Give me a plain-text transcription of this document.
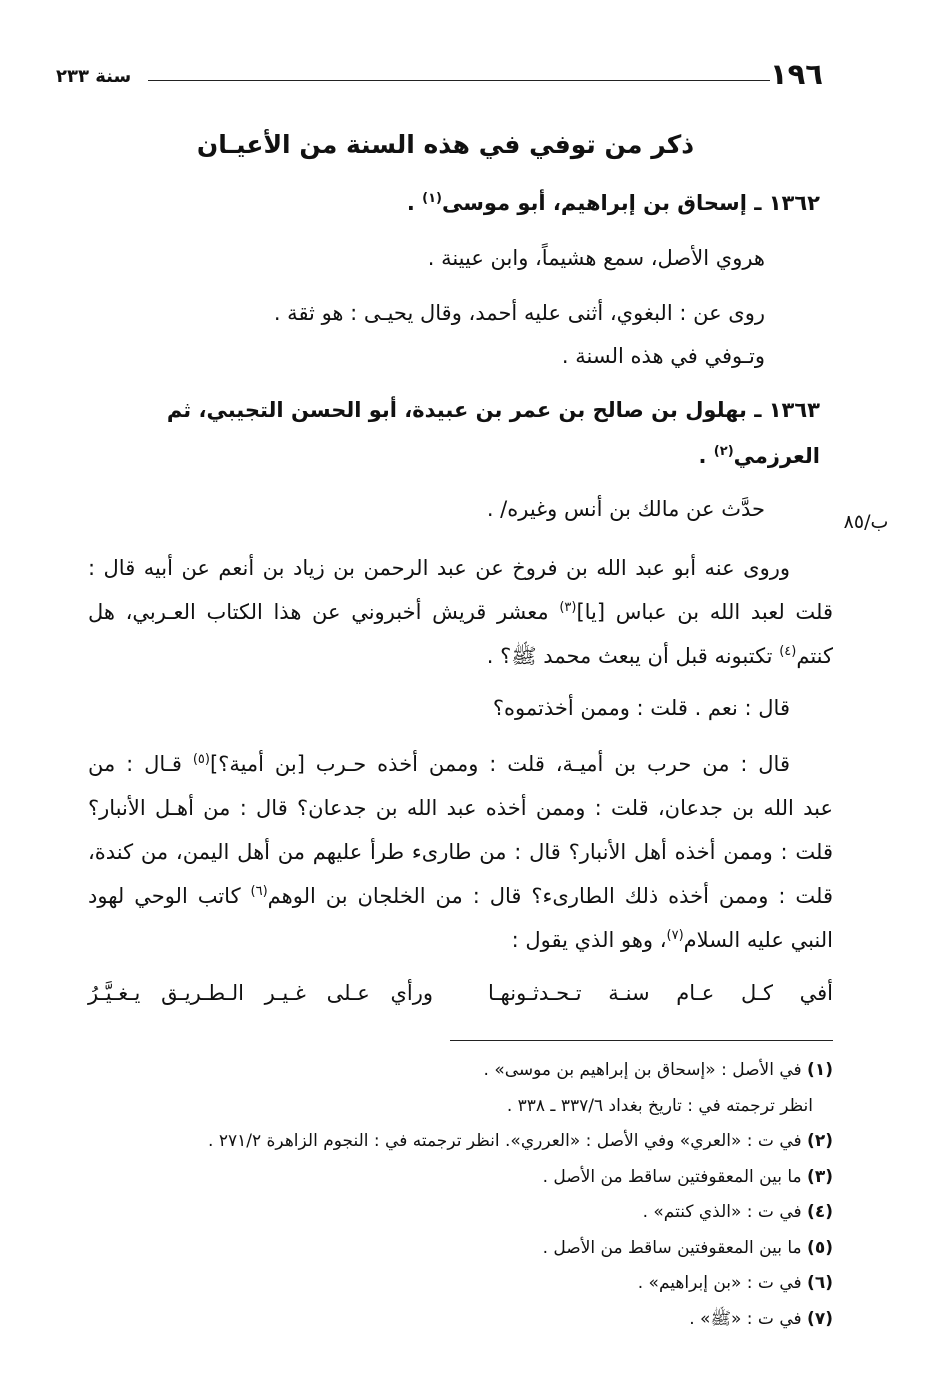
١٩٦
سنة ٢٣٣
ب/٨٥
ذكر من توفي في هذه السنة من الأعيـان
١٣٦٢ ـ إسحاق بن إبراهيم، أبو موسى$^{(١)}$ .
هروي الأصل، سمع هشيماً، وابن عيينة .
روى عن : البغوي، أثنى عليه أحمد، وقال يحيـى : هو ثقة .
وتـوفي في هذه السنة .
١٣٦٣ ـ بهلول بن صالح بن عمر بن عبيدة، أبو الحسن التجيبي، ثم العرزمي$^{(٢)}$ .
حدَّث عن مالك بن أنس وغيره/ .
وروى عنه أبو عبد الله بن فروخ عن عبد الرحمن بن زياد بن أنعم عن أبيه قال :
قلت لعبد الله بن عباس [يا]$^{(٣)}$ معشر قريش أخبروني عن هذا الكتاب العـربي، هل
كنتم$^{(٤)}$ تكتبونه قبل أن يبعث محمد ﷺ؟ .
قال : نعم . قلت : وممن أخذتموه؟
قال : من حرب بن أميـة، قلت : وممن أخذه حـرب [بن أمية؟]$^{(٥)}$ قـال : من
عبد الله بن جدعان، قلت : وممن أخذه عبد الله بن جدعان؟ قال : من أهـل الأنبار؟
قلت : وممن أخذه أهل الأنبار؟ قال : من طارىء طرأ عليهم من أهل اليمن، من كندة،
قلت : وممن أخذه ذلك الطارىء؟ قال : من الخلجان بن الوهم$^{(٦)}$ كاتب الوحي لهود
النبي عليه السلام$^{(٧)}$، وهو الذي يقول :
أفي كـل عـام سنـة تـحـدثـونهـا
ورأي عـلى غـيـر الـطـريـق يـغـيَّـرُ
(١) في الأصل : «إسحاق بن إبراهيم بن موسى» .
انظر ترجمته في : تاريخ بغداد ٣٣٧/٦ ـ ٣٣٨ .
(٢) في ت : «العري» وفي الأصل : «العرري». انظر ترجمته في : النجوم الزاهرة ٢٧١/٢ .
(٣) ما بين المعقوفتين ساقط من الأصل .
(٤) في ت : «الذي كنتم» .
(٥) ما بين المعقوفتين ساقط من الأصل .
(٦) في ت : «بن إبراهيم» .
(٧) في ت : «ﷺ» .
